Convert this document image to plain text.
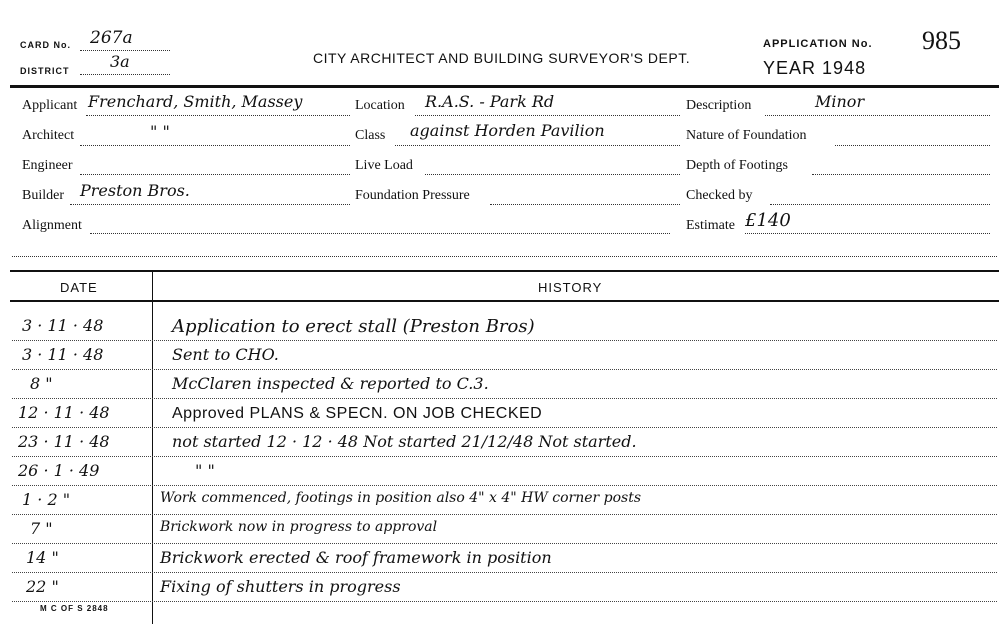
CARD No. 267a
DISTRICT	3a	CITY ARCHITECT AND BUILDING SURVEYOR'S DEPT.
APPLICATION No. 985
YEAR 1948
Applicant Frenchard, Smith, Massey
Architect	" "
Engineer
Builder Preston Bros.
Alignment
Location R.A.S. - Park Rd
Class against Horden Pavilion
Live Load
Foundation Pressure
Description	Minor
Nature of Foundation
Depth of Footings
Checked by
Estimate £140
DATE	HISTORY
3 · 11 · 48	Application to erect stall (Preston Bros)
3 · 11 · 48	Sent to CHO.
8 "	McClaren inspected & reported to C.3.
12 · 11 · 48	Approved PLANS & SPECN. ON JOB CHECKED
23 · 11 · 48	not started 12 · 12 · 48 Not started 21/12/48 Not started.
26 · 1 · 49	" "
1 · 2 "	Work commenced, footings in position also 4" x 4" HW corner posts
7 "	Brickwork now in progress to approval
14 "	Brickwork erected & roof framework in position
22 "	Fixing of shutters in progress
M C OF S 2848
